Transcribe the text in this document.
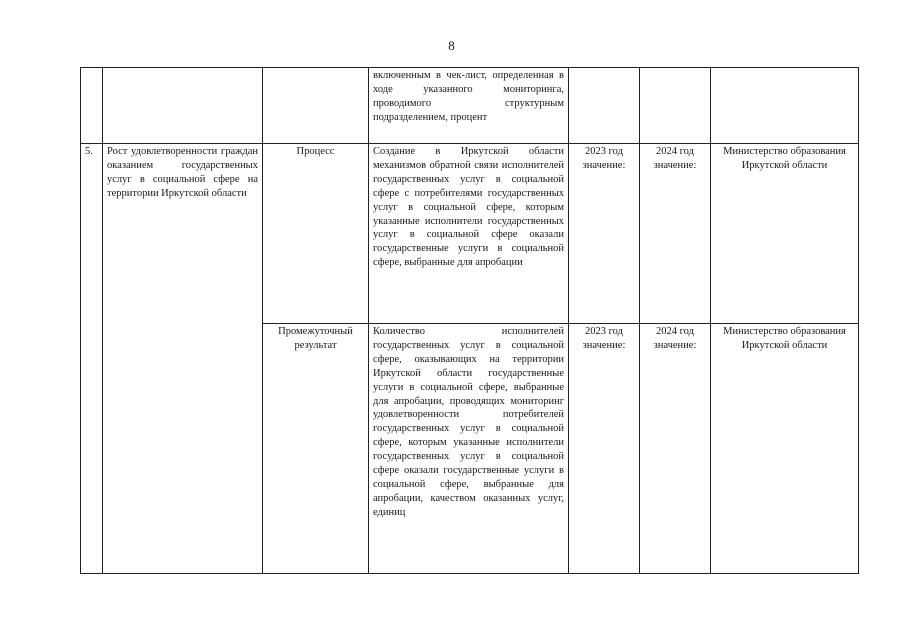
8
			включенным в чек-лист, определенная в ходе указанного мониторинга, проводимого структурным подразделением, процент			
5.	Рост удовлетворенности граждан оказанием государственных услуг в социальной сфере на территории Иркутской области	Процесс	Создание в Иркутской области механизмов обратной связи исполнителей государственных услуг в социальной сфере с потребителями государственных услуг в социальной сфере, которым указанные исполнители государственных услуг в социальной сфере оказали государственные услуги в социальной сфере, выбранные для апробации	2023 год значение:	2024 год значение:	Министерство образования Иркутской области
		Промежуточный результат	Количество исполнителей государственных услуг в социальной сфере, оказывающих на территории Иркутской области государственные услуги в социальной сфере, выбранные для апробации, проводящих мониторинг удовлетворенности потребителей государственных услуг в социальной сфере, которым указанные исполнители государственных услуг в социальной сфере оказали государственные услуги в социальной сфере, выбранные для апробации, качеством оказанных услуг, единиц	2023 год значение:	2024 год значение:	Министерство образования Иркутской области
